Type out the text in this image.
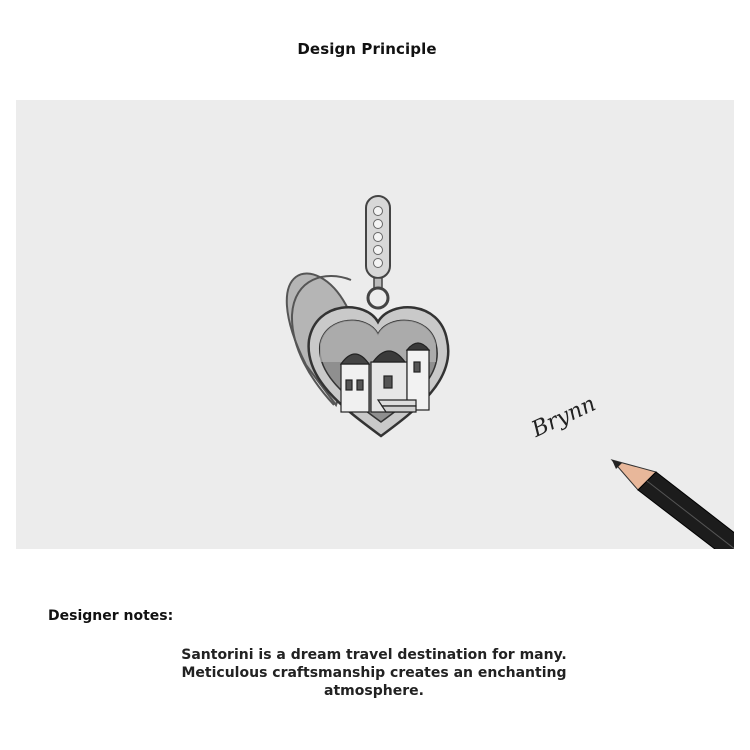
Design Principle
Brynn
Designer notes:
Santorini is a dream travel destination for many.
Meticulous craftsmanship creates an enchanting
atmosphere.
